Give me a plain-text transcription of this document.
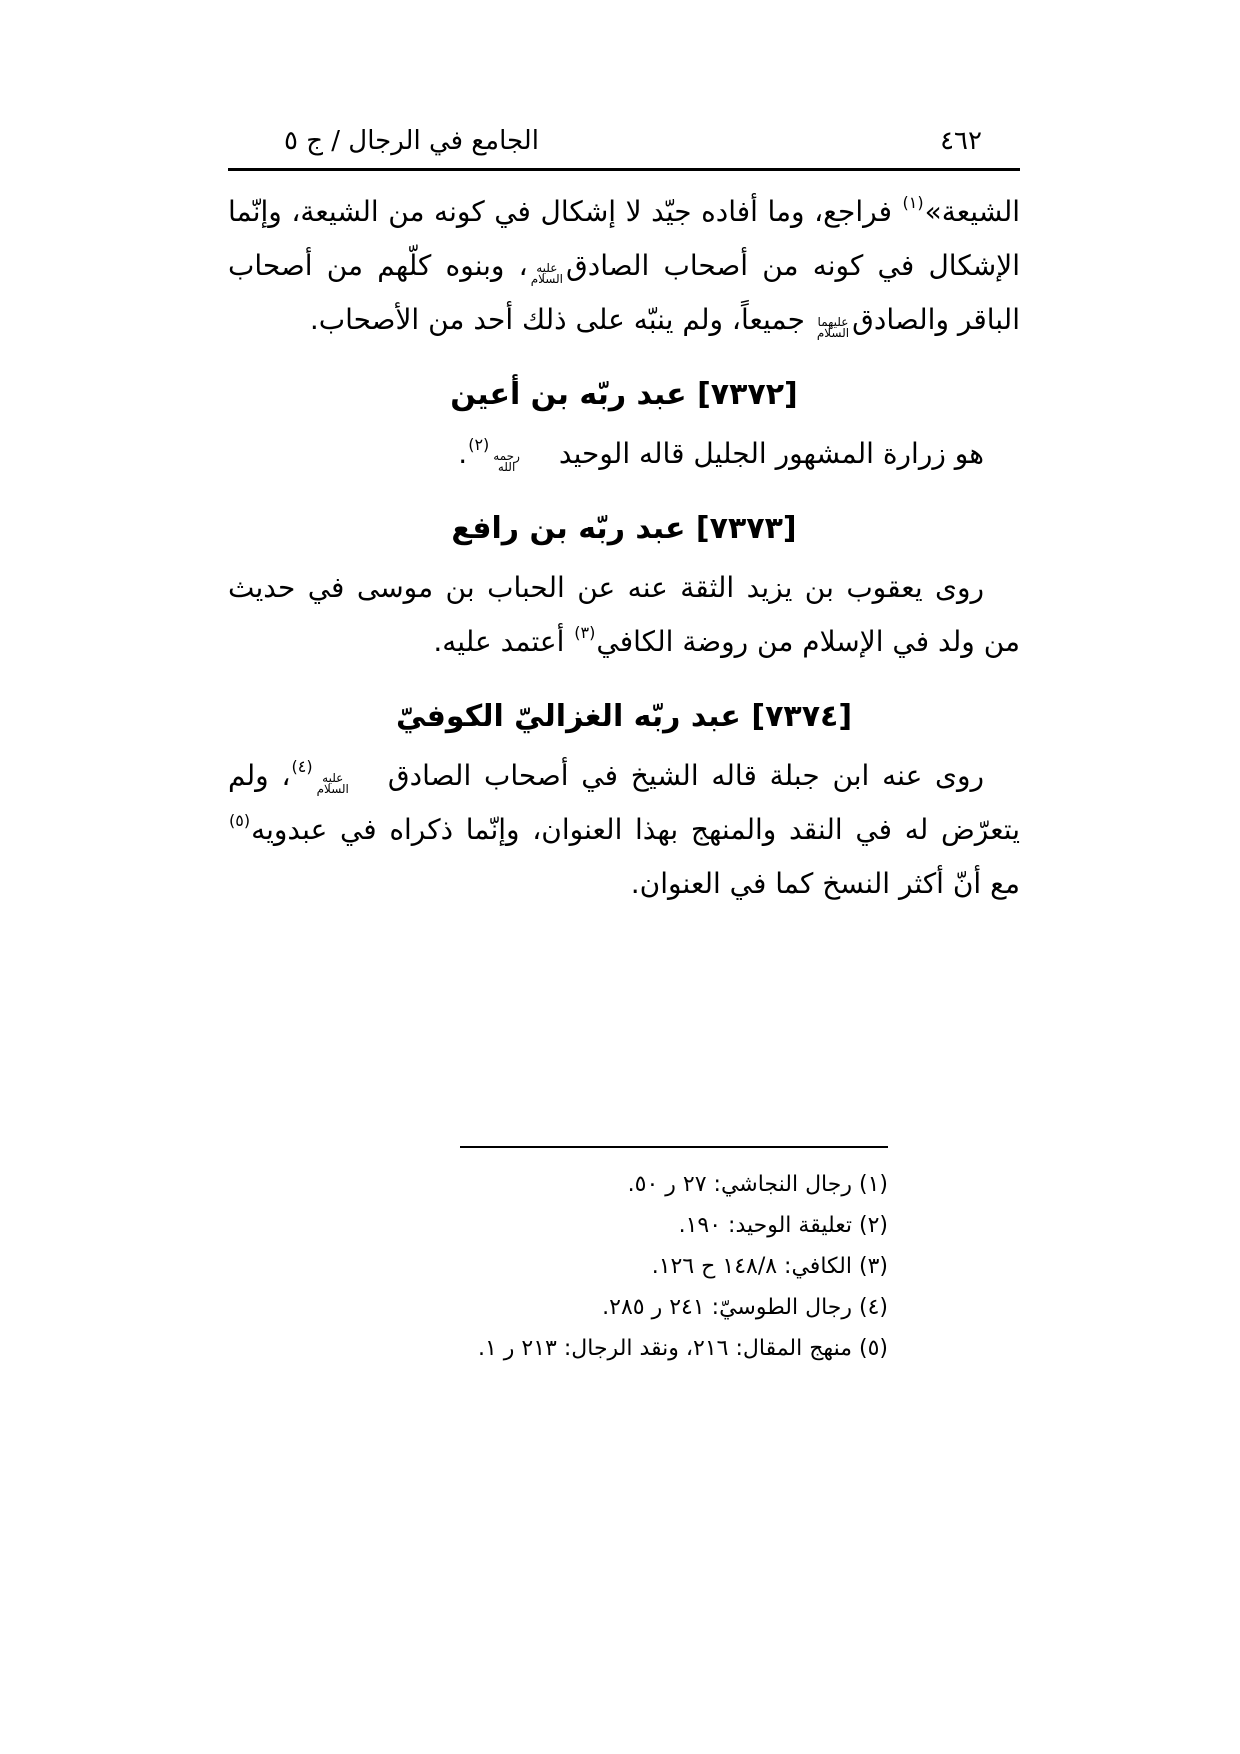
٤٦٢
الجامع في الرجال / ج ٥

الشيعة»$^{(١)}$ فراجع، وما أفاده جيّد لا إشكال في كونه من الشيعة، وإنّما الإشكال في كونه من أصحاب الصادق
عليه
السلام
، وبنوه كلّهم من أصحاب الباقر والصادق
عليهما
السلام
جميعاً، ولم ينبّه على ذلك أحد من الأصحاب.

[٧٣٧٢] عبد ربّه بن أعين

هو زرارة المشهور الجليل قاله الوحيد
رحمه
الله
$^{(٢)}$.

[٧٣٧٣] عبد ربّه بن رافع

روى يعقوب بن يزيد الثقة عنه عن الحباب بن موسى في حديث من ولد في الإسلام من روضة الكافي$^{(٣)}$ أعتمد عليه.

[٧٣٧٤] عبد ربّه الغزاليّ الكوفيّ

روى عنه ابن جبلة قاله الشيخ في أصحاب الصادق
عليه
السلام
$^{(٤)}$، ولم يتعرّض له في النقد والمنهج بهذا العنوان، وإنّما ذكراه في عبدويه$^{(٥)}$ مع أنّ أكثر النسخ كما في العنوان.

(١) رجال النجاشي: ٢٧ ر ٥٠.
(٢) تعليقة الوحيد: ١٩٠.
(٣) الكافي: ١٤٨/٨ ح ١٢٦.
(٤) رجال الطوسيّ: ٢٤١ ر ٢٨٥.
(٥) منهج المقال: ٢١٦، ونقد الرجال: ٢١٣ ر ١.
